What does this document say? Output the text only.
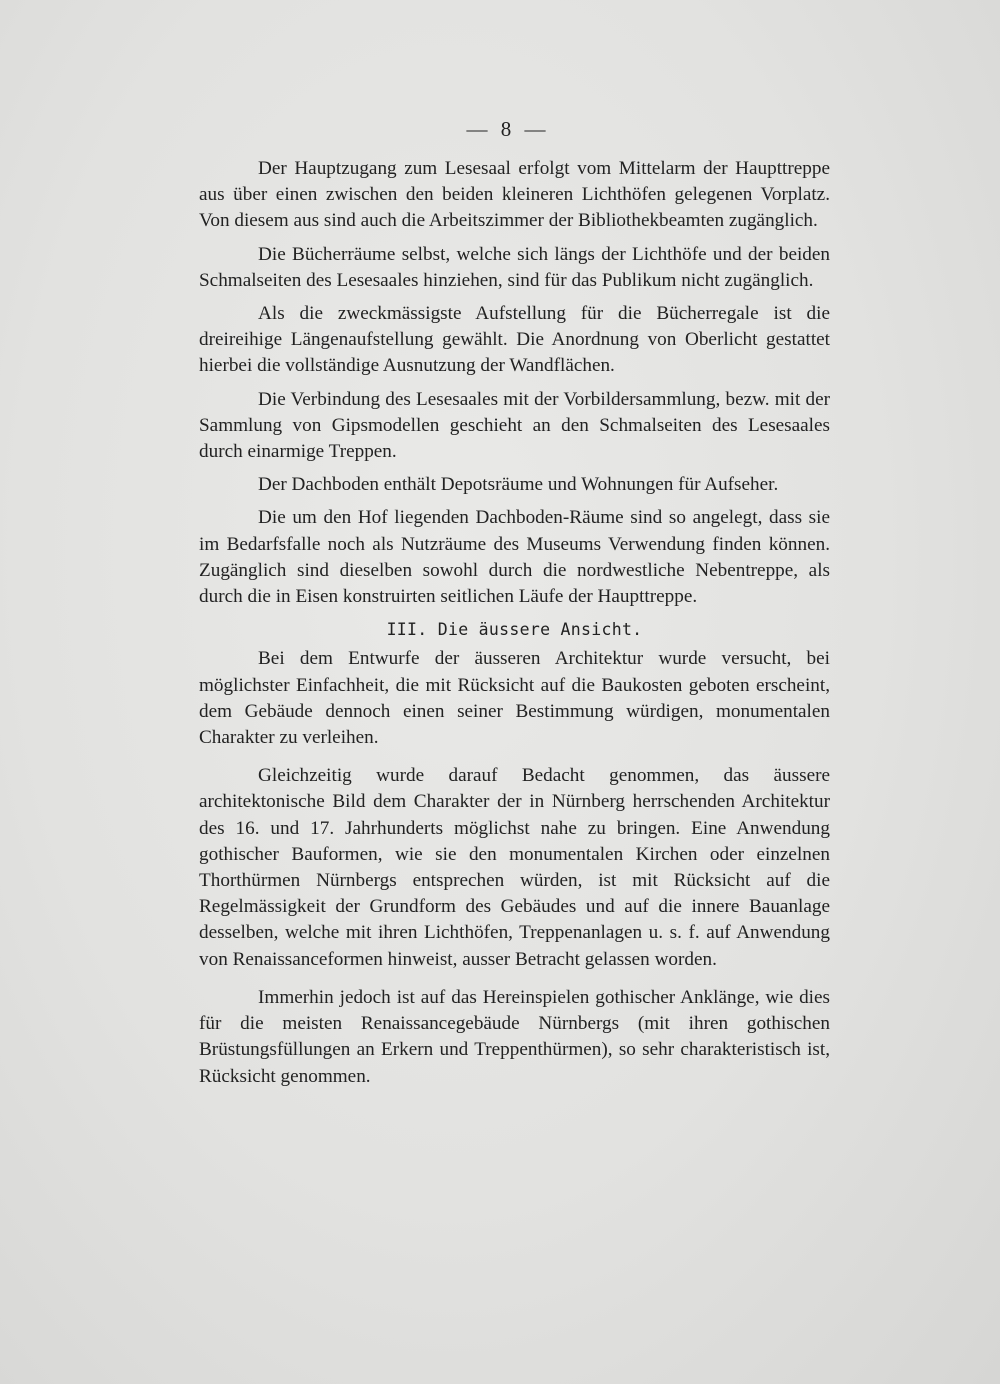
— 8 —

Der Hauptzugang zum Lesesaal erfolgt vom Mittelarm der Haupttreppe aus über einen zwischen den beiden kleineren Lichthöfen gelegenen Vorplatz. Von diesem aus sind auch die Arbeitszimmer der Bibliothekbeamten zugänglich.

Die Bücherräume selbst, welche sich längs der Lichthöfe und der beiden Schmalseiten des Lesesaales hinziehen, sind für das Publikum nicht zugänglich.

Als die zweckmässigste Aufstellung für die Bücherregale ist die dreireihige Längenaufstellung gewählt. Die Anordnung von Oberlicht gestattet hierbei die vollständige Ausnutzung der Wandflächen.

Die Verbindung des Lesesaales mit der Vorbildersammlung, bezw. mit der Sammlung von Gipsmodellen geschieht an den Schmalseiten des Lesesaales durch einarmige Treppen.

Der Dachboden enthält Depotsräume und Wohnungen für Aufseher.

Die um den Hof liegenden Dachboden-Räume sind so angelegt, dass sie im Bedarfsfalle noch als Nutzräume des Museums Verwendung finden können. Zugänglich sind dieselben sowohl durch die nordwestliche Nebentreppe, als durch die in Eisen konstruirten seitlichen Läufe der Haupttreppe.

III. Die äussere Ansicht.

Bei dem Entwurfe der äusseren Architektur wurde versucht, bei möglichster Einfachheit, die mit Rücksicht auf die Baukosten geboten erscheint, dem Gebäude dennoch einen seiner Bestimmung würdigen, monumentalen Charakter zu verleihen.

Gleichzeitig wurde darauf Bedacht genommen, das äussere architektonische Bild dem Charakter der in Nürnberg herrschenden Architektur des 16. und 17. Jahrhunderts möglichst nahe zu bringen. Eine Anwendung gothischer Bauformen, wie sie den monumentalen Kirchen oder einzelnen Thorthürmen Nürnbergs entsprechen würden, ist mit Rücksicht auf die Regelmässigkeit der Grundform des Gebäudes und auf die innere Bauanlage desselben, welche mit ihren Lichthöfen, Treppenanlagen u. s. f. auf Anwendung von Renaissanceformen hinweist, ausser Betracht gelassen worden.

Immerhin jedoch ist auf das Hereinspielen gothischer Anklänge, wie dies für die meisten Renaissancegebäude Nürnbergs (mit ihren gothischen Brüstungsfüllungen an Erkern und Treppenthürmen), so sehr charakteristisch ist, Rücksicht genommen.
